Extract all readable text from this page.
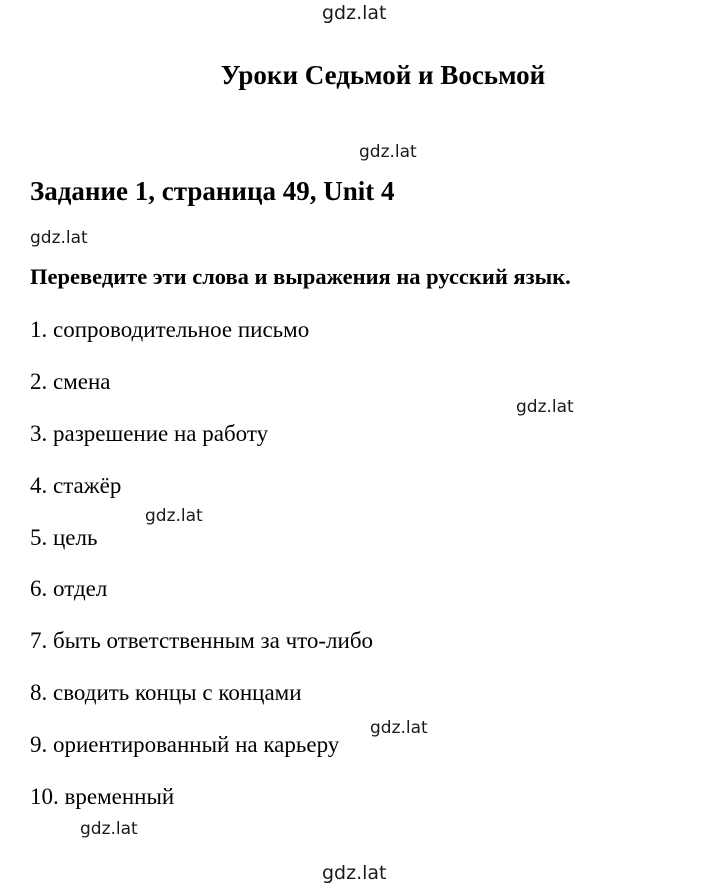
gdz.lat
gdz.lat
gdz.lat
gdz.lat
gdz.lat
gdz.lat
gdz.lat
gdz.lat
Уроки Седьмой и Восьмой
Задание 1, страница 49, Unit 4
Переведите эти слова и выражения на русский язык.
1. сопроводительное письмо
2. смена
3. разрешение на работу
4. стажёр
5. цель
6. отдел
7. быть ответственным за что-либо
8. сводить концы с концами
9. ориентированный на карьеру
10. временный
